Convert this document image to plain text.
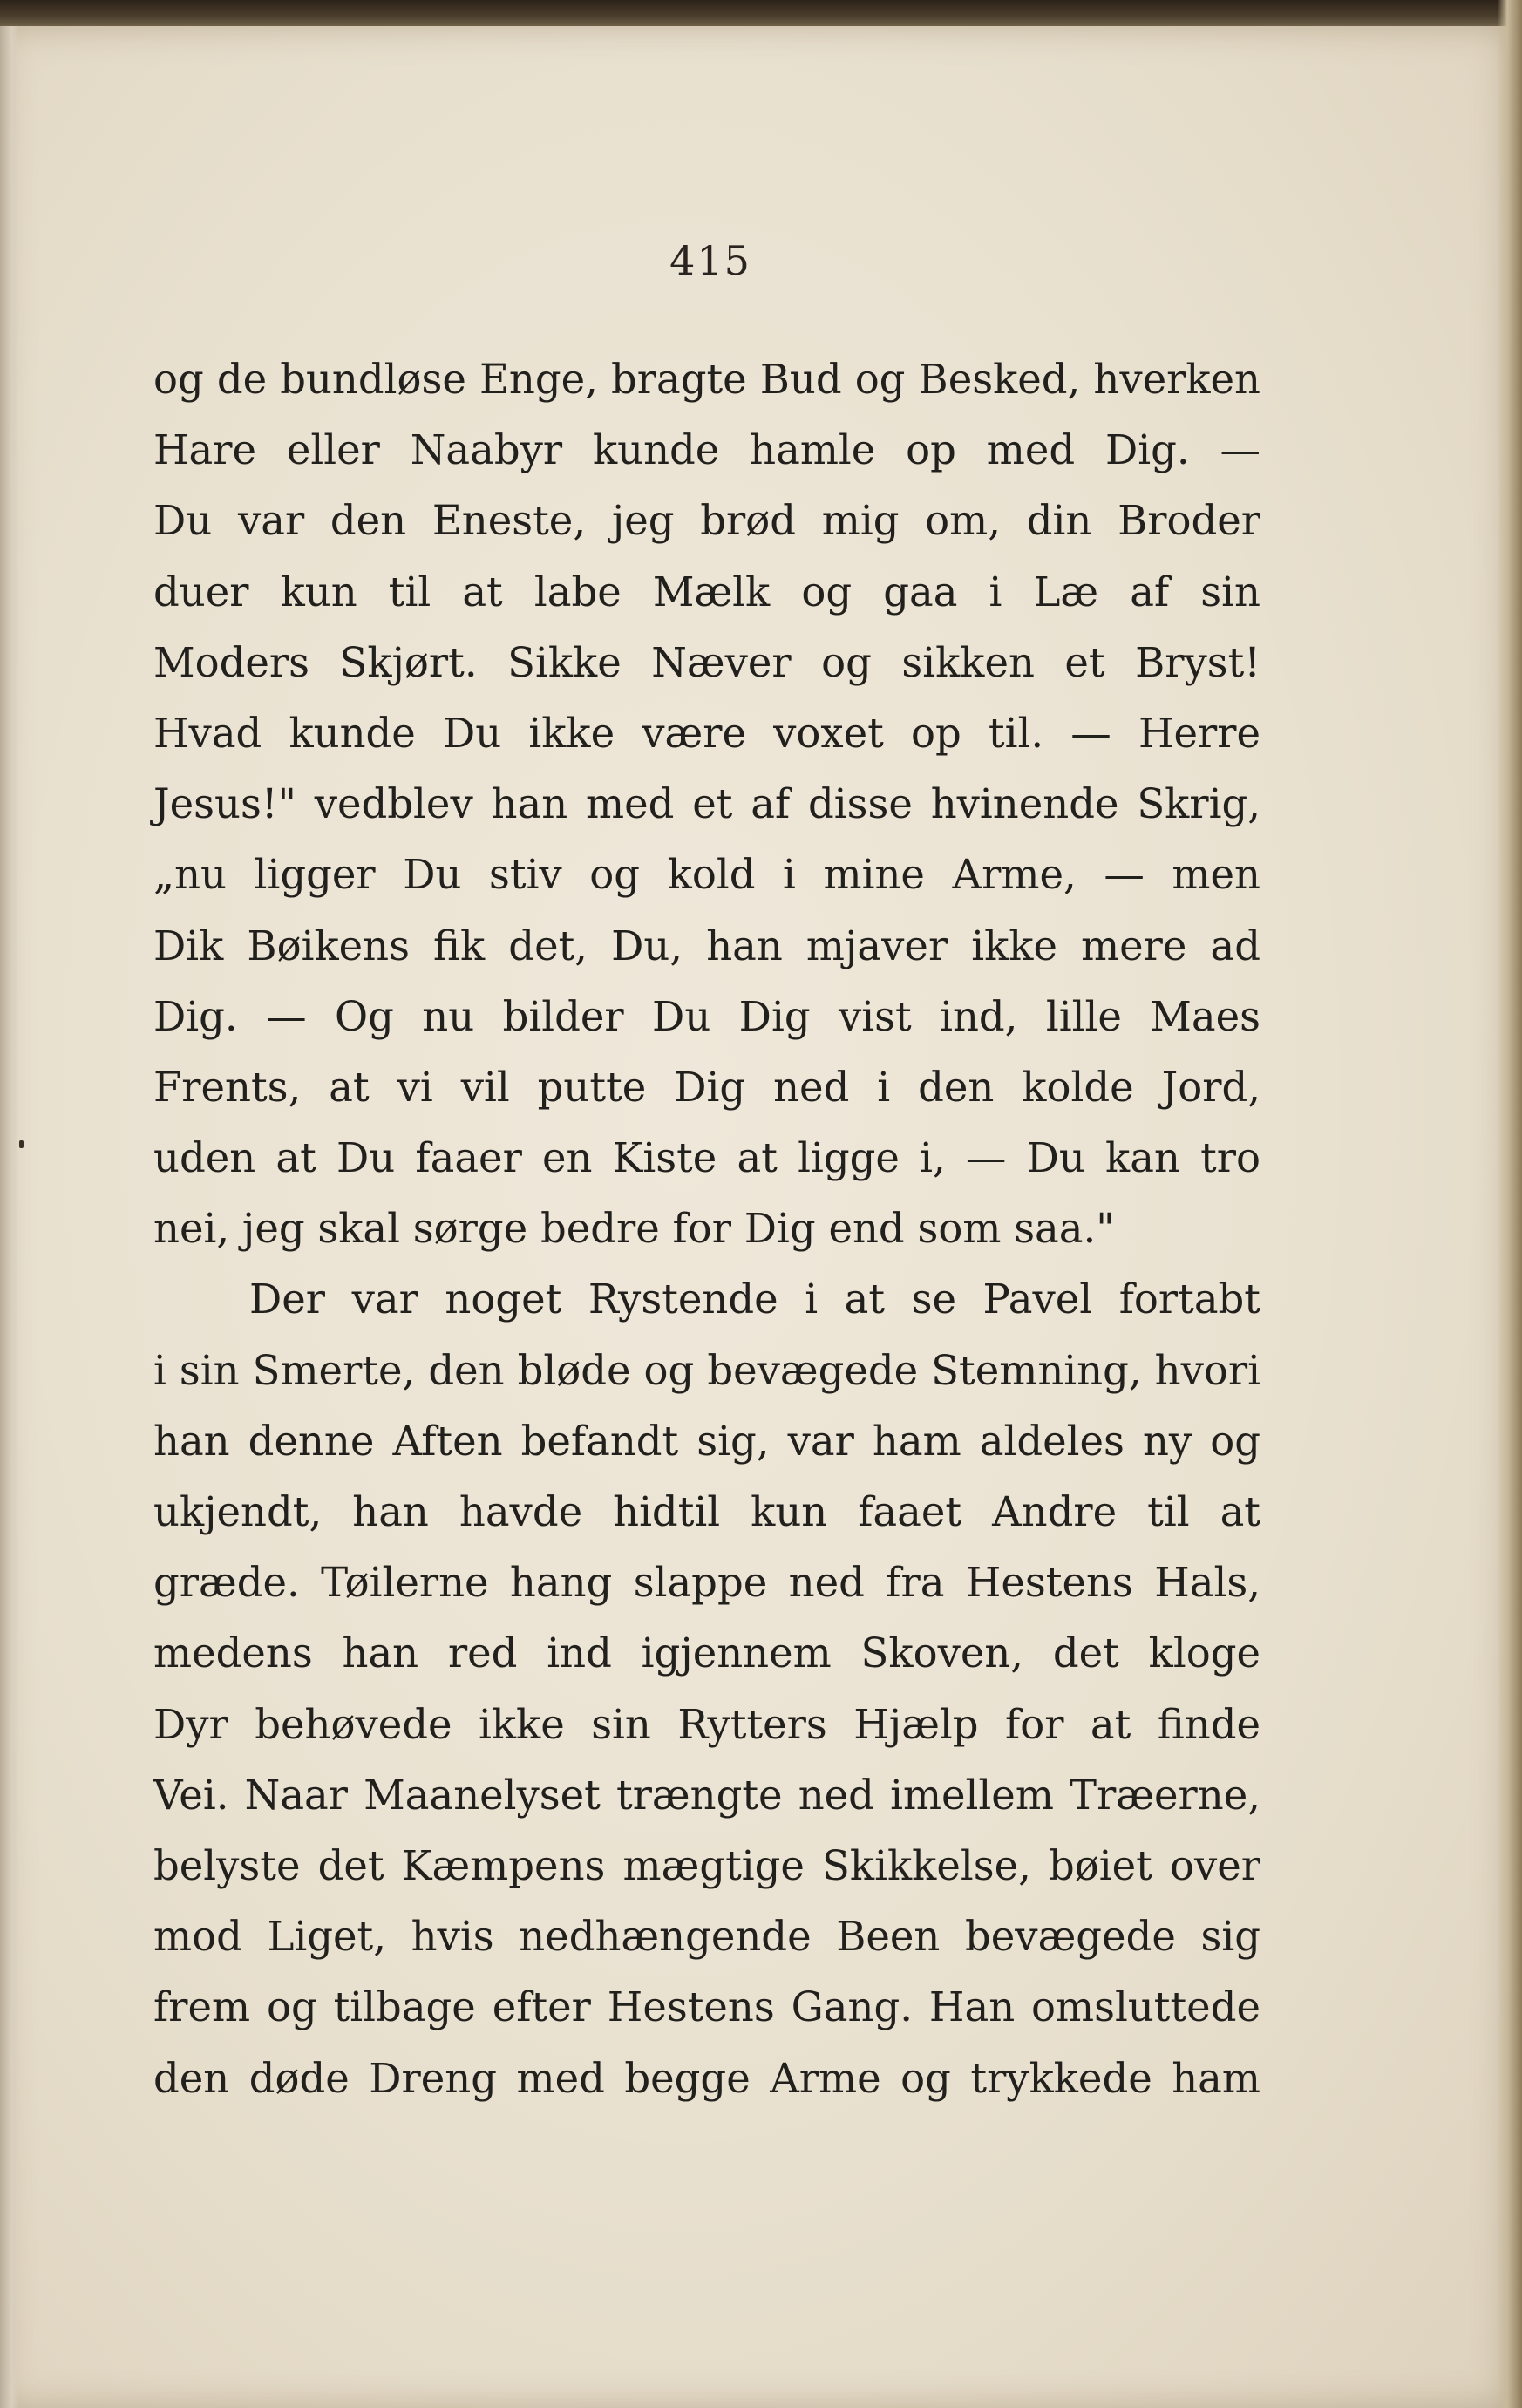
415
og de bundløse Enge, bragte Bud og Besked, hverken
Hare eller Naabyr kunde hamle op med Dig. —
Du var den Eneste, jeg brød mig om, din Broder
duer kun til at labe Mælk og gaa i Læ af sin
Moders Skjørt. Sikke Næver og sikken et Bryst!
Hvad kunde Du ikke være voxet op til. — Herre
Jesus!" vedblev han med et af disse hvinende Skrig,
„nu ligger Du stiv og kold i mine Arme, — men
Dik Bøikens fik det, Du, han mjaver ikke mere ad
Dig. — Og nu bilder Du Dig vist ind, lille Maes
Frents, at vi vil putte Dig ned i den kolde Jord,
uden at Du faaer en Kiste at ligge i, — Du kan tro
nei, jeg skal sørge bedre for Dig end som saa."
Der var noget Rystende i at se Pavel fortabt
i sin Smerte, den bløde og bevægede Stemning, hvori
han denne Aften befandt sig, var ham aldeles ny og
ukjendt, han havde hidtil kun faaet Andre til at
græde. Tøilerne hang slappe ned fra Hestens Hals,
medens han red ind igjennem Skoven, det kloge
Dyr behøvede ikke sin Rytters Hjælp for at finde
Vei. Naar Maanelyset trængte ned imellem Træerne,
belyste det Kæmpens mægtige Skikkelse, bøiet over
mod Liget, hvis nedhængende Been bevægede sig
frem og tilbage efter Hestens Gang. Han omsluttede
den døde Dreng med begge Arme og trykkede ham
